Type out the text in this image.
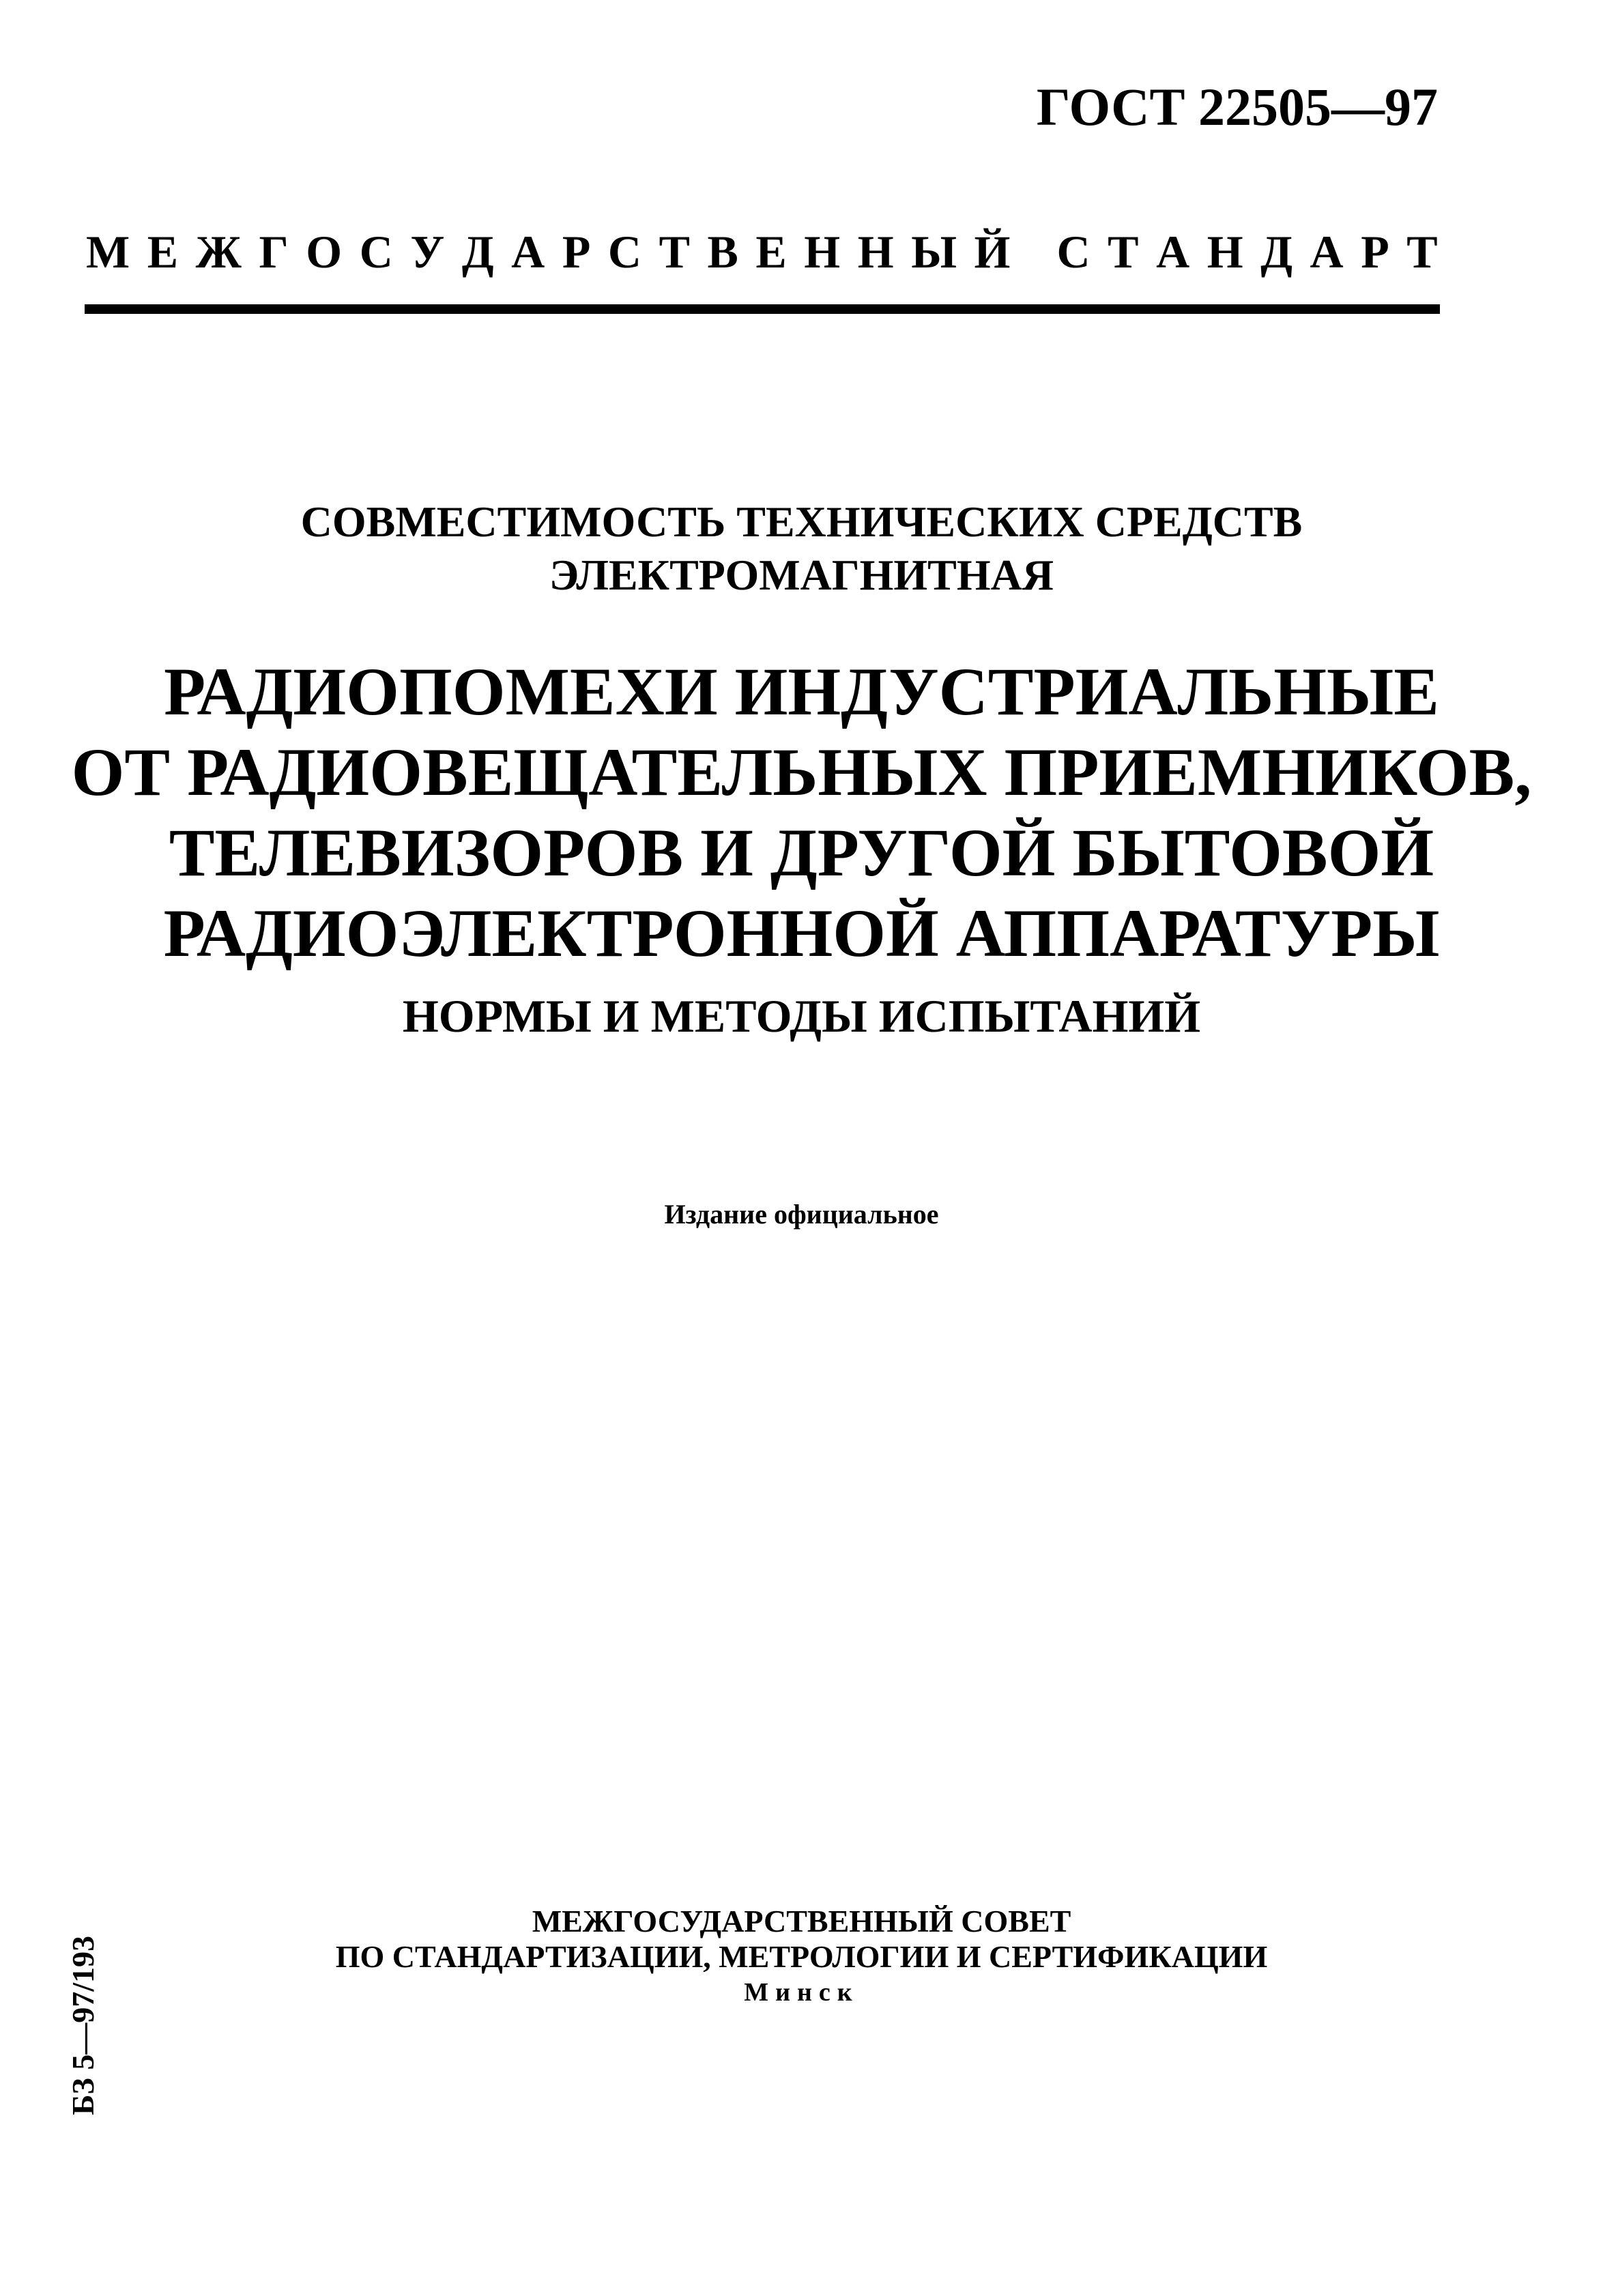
ГОСТ 22505—97
М Е Ж Г О С У Д А Р С Т В Е Н Н Ы Й
С Т А Н Д А Р Т
СОВМЕСТИМОСТЬ ТЕХНИЧЕСКИХ СРЕДСТВ
ЭЛЕКТРОМАГНИТНАЯ
РАДИОПОМЕХИ ИНДУСТРИАЛЬНЫЕ
ОТ РАДИОВЕЩАТЕЛЬНЫХ ПРИЕМНИКОВ,
ТЕЛЕВИЗОРОВ И ДРУГОЙ БЫТОВОЙ
РАДИОЭЛЕКТРОННОЙ АППАРАТУРЫ
НОРМЫ И МЕТОДЫ ИСПЫТАНИЙ
Издание официальное
БЗ 5—97/193
МЕЖГОСУДАРСТВЕННЫЙ СОВЕТ
ПО СТАНДАРТИЗАЦИИ, МЕТРОЛОГИИ И СЕРТИФИКАЦИИ
Минск
